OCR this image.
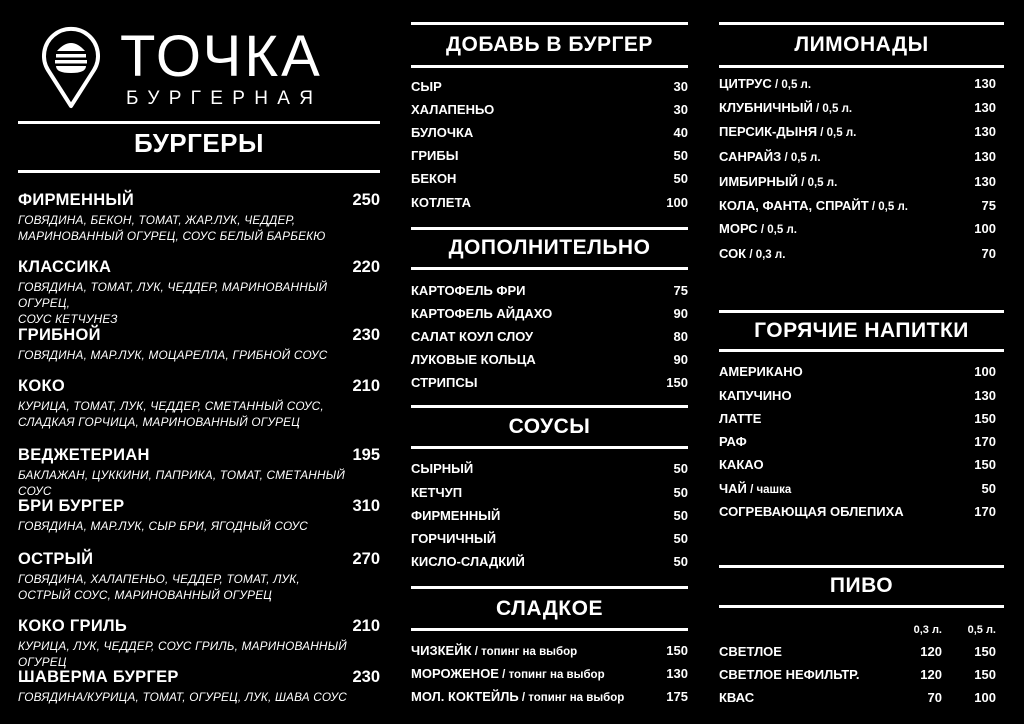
ТОЧКА
БУРГЕРНАЯ
БУРГЕРЫ
ФИРМЕННЫЙ	250
ГОВЯДИНА, БЕКОН, ТОМАТ, ЖАР.ЛУК, ЧЕДДЕР,
МАРИНОВАННЫЙ ОГУРЕЦ, СОУС БЕЛЫЙ БАРБЕКЮ
КЛАССИКА	220
ГОВЯДИНА, ТОМАТ, ЛУК, ЧЕДДЕР, МАРИНОВАННЫЙ ОГУРЕЦ,
СОУС КЕТЧУНЕЗ
ГРИБНОЙ	230
ГОВЯДИНА, МАР.ЛУК, МОЦАРЕЛЛА, ГРИБНОЙ СОУС
КОКО	210
КУРИЦА, ТОМАТ, ЛУК, ЧЕДДЕР, СМЕТАННЫЙ СОУС,
СЛАДКАЯ ГОРЧИЦА, МАРИНОВАННЫЙ ОГУРЕЦ
ВЕДЖЕТЕРИАН	195
БАКЛАЖАН, ЦУККИНИ, ПАПРИКА, ТОМАТ, СМЕТАННЫЙ СОУС
БРИ БУРГЕР	310
ГОВЯДИНА, МАР.ЛУК, СЫР БРИ, ЯГОДНЫЙ СОУС
ОСТРЫЙ	270
ГОВЯДИНА, ХАЛАПЕНЬО, ЧЕДДЕР, ТОМАТ, ЛУК,
ОСТРЫЙ СОУС, МАРИНОВАННЫЙ ОГУРЕЦ
КОКО ГРИЛЬ	210
КУРИЦА, ЛУК, ЧЕДДЕР, СОУС ГРИЛЬ, МАРИНОВАННЫЙ ОГУРЕЦ
ШАВЕРМА БУРГЕР	230
ГОВЯДИНА/КУРИЦА, ТОМАТ, ОГУРЕЦ, ЛУК, ШАВА СОУС
ДОБАВЬ В БУРГЕР
СЫР	30
ХАЛАПЕНЬО	30
БУЛОЧКА	40
ГРИБЫ	50
БЕКОН	50
КОТЛЕТА	100
ДОПОЛНИТЕЛЬНО
КАРТОФЕЛЬ ФРИ	75
КАРТОФЕЛЬ АЙДАХО	90
САЛАТ КОУЛ СЛОУ	80
ЛУКОВЫЕ КОЛЬЦА	90
СТРИПСЫ	150
СОУСЫ
СЫРНЫЙ	50
КЕТЧУП	50
ФИРМЕННЫЙ	50
ГОРЧИЧНЫЙ	50
КИСЛО-СЛАДКИЙ	50
СЛАДКОЕ
ЧИЗКЕЙК / топинг на выбор	150
МОРОЖЕНОЕ / топинг на выбор	130
МОЛ. КОКТЕЙЛЬ / топинг на выбор	175
ЛИМОНАДЫ
ЦИТРУС / 0,5 л.	130
КЛУБНИЧНЫЙ / 0,5 л.	130
ПЕРСИК-ДЫНЯ / 0,5 л.	130
САНРАЙЗ / 0,5 л.	130
ИМБИРНЫЙ / 0,5 л.	130
КОЛА, ФАНТА, СПРАЙТ / 0,5 л.	75
МОРС / 0,5 л.	100
СОК / 0,3 л.	70
ГОРЯЧИЕ НАПИТКИ
АМЕРИКАНО	100
КАПУЧИНО	130
ЛАТТЕ	150
РАФ	170
КАКАО	150
ЧАЙ / чашка	50
СОГРЕВАЮЩАЯ ОБЛЕПИХА	170
ПИВО
0,3 л. 0,5 л.
СВЕТЛОЕ	120 150
СВЕТЛОЕ НЕФИЛЬТР.	120 150
КВАС	70 100
